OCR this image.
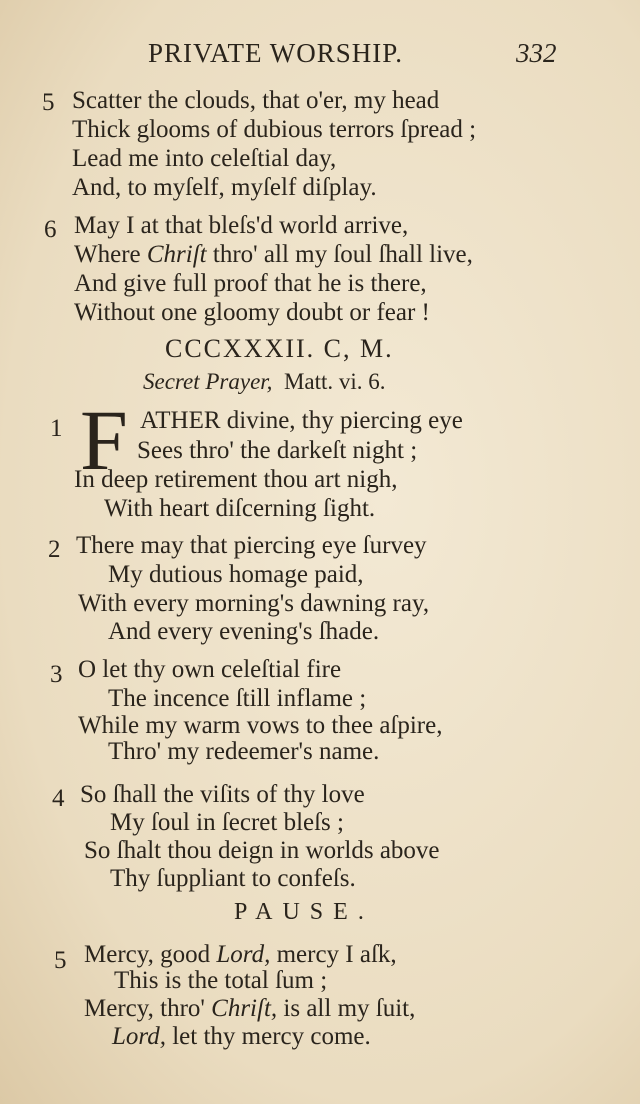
PRIVATE WORSHIP.	332
5 Scatter the clouds, that o'er, my head
Thick glooms of dubious terrors ſpread ;
Lead me into celeſtial day,
And, to myſelf, myſelf diſplay.
6 May I at that bleſs'd world arrive,
Where Chriſt thro' all my ſoul ſhall live,
And give full proof that he is there,
Without one gloomy doubt or fear !
CCCXXXII. C, M.
Secret Prayer, Matt. vi. 6.
1 F ATHER divine, thy piercing eye
Sees thro' the darkeſt night ;
In deep retirement thou art nigh,
With heart diſcerning ſight.
2 There may that piercing eye ſurvey
My dutious homage paid,
With every morning's dawning ray,
And every evening's ſhade.
3 O let thy own celeſtial fire
The incence ſtill inflame ;
While my warm vows to thee aſpire,
Thro' my redeemer's name.
4 So ſhall the viſits of thy love
My ſoul in ſecret bleſs ;
So ſhalt thou deign in worlds above
Thy ſuppliant to confeſs.
PAUSE.
5 Mercy, good Lord, mercy I aſk,
This is the total ſum ;
Mercy, thro' Chriſt, is all my ſuit,
Lord, let thy mercy come.
